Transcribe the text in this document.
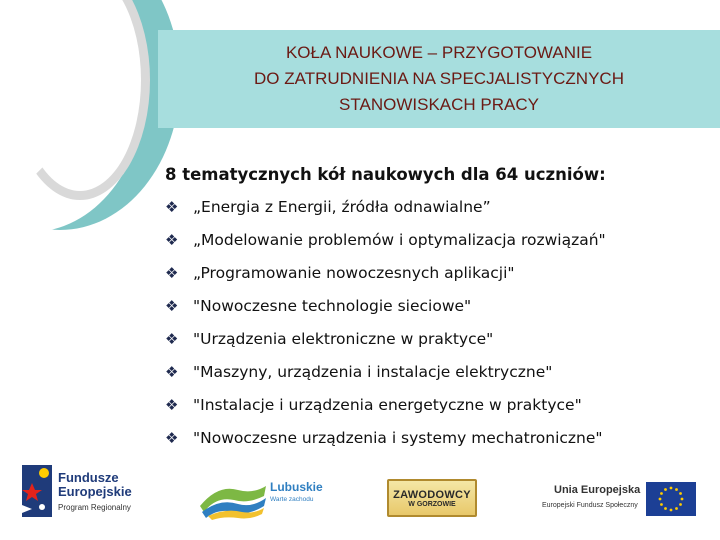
KOŁA NAUKOWE – PRZYGOTOWANIE
DO ZATRUDNIENIA NA SPECJALISTYCZNYCH
STANOWISKACH PRACY
8 tematycznych kół naukowych dla 64 uczniów:
❖ „Energia z Energii, źródła odnawialne”
❖ „Modelowanie problemów i optymalizacja rozwiązań"
❖ „Programowanie nowoczesnych aplikacji"
❖ "Nowoczesne technologie sieciowe"
❖ "Urządzenia elektroniczne w praktyce"
❖ "Maszyny, urządzenia i instalacje elektryczne"
❖ "Instalacje i urządzenia energetyczne w praktyce"
❖ "Nowoczesne urządzenia i systemy mechatroniczne"
Fundusze
Europejskie
Program Regionalny
Lubuskie
Warte zachodu	ZAWODOWCY
W GORZOWIE
Unia Europejska
Europejski Fundusz Społeczny
